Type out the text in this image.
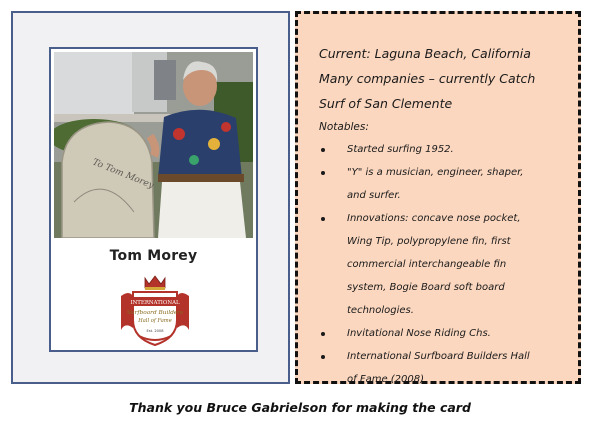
To Tom Morey
Tom Morey
INTERNATIONAL
Surfboard Builders
Hall of Fame
Est. 2008
Current: Laguna Beach, California
Many companies – currently Catch
Surf of San Clemente
Notables:
Started surfing 1952.
"Y" is a musician, engineer, shaper,
and surfer.
Innovations: concave nose pocket,
Wing Tip, polypropylene fin, first
commercial interchangeable fin
system, Bogie Board soft board
technologies.
Invitational Nose Riding Chs.
International Surfboard Builders Hall
of Fame (2008)
Thank you Bruce Gabrielson for making the card
